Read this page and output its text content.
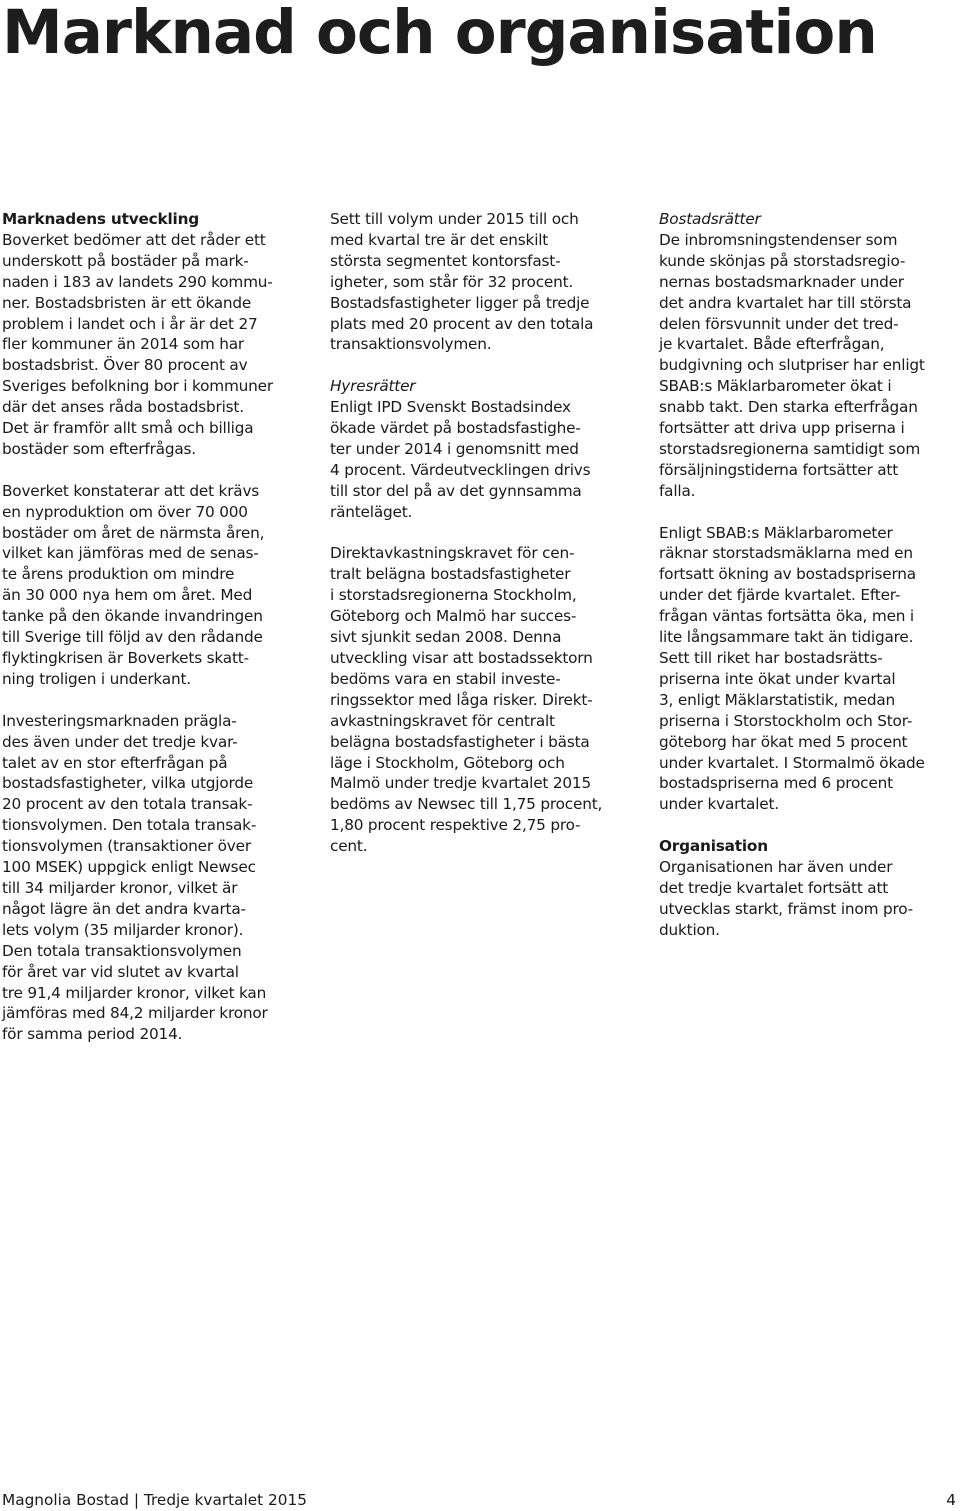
Marknad och organisation
Marknadens utveckling
Boverket bedömer att det råder ett
underskott på bostäder på mark-
naden i 183 av landets 290 kommu-
ner. Bostadsbristen är ett ökande
problem i landet och i år är det 27
fler kommuner än 2014 som har
bostadsbrist. Över 80 procent av
Sveriges befolkning bor i kommuner
där det anses råda bostadsbrist.
Det är framför allt små och billiga
bostäder som efterfrågas.
Boverket konstaterar att det krävs
en nyproduktion om över 70 000
bostäder om året de närmsta åren,
vilket kan jämföras med de senas-
te årens produktion om mindre
än 30 000 nya hem om året. Med
tanke på den ökande invandringen
till Sverige till följd av den rådande
flyktingkrisen är Boverkets skatt-
ning troligen i underkant.
Investeringsmarknaden prägla-
des även under det tredje kvar-
talet av en stor efterfrågan på
bostadsfastigheter, vilka utgjorde
20 procent av den totala transak-
tionsvolymen. Den totala transak-
tionsvolymen (transaktioner över
100 MSEK) uppgick enligt Newsec
till 34 miljarder kronor, vilket är
något lägre än det andra kvarta-
lets volym (35 miljarder kronor).
Den totala transaktionsvolymen
för året var vid slutet av kvartal
tre 91,4 miljarder kronor, vilket kan
jämföras med 84,2 miljarder kronor
för samma period 2014.
Sett till volym under 2015 till och
med kvartal tre är det enskilt
största segmentet kontorsfast-
igheter, som står för 32 procent.
Bostadsfastigheter ligger på tredje
plats med 20 procent av den totala
transaktionsvolymen.
Hyresrätter
Enligt IPD Svenskt Bostadsindex
ökade värdet på bostadsfastighe-
ter under 2014 i genomsnitt med
4 procent. Värdeutvecklingen drivs
till stor del på av det gynnsamma
ränteläget.
Direktavkastningskravet för cen-
tralt belägna bostadsfastigheter
i storstadsregionerna Stockholm,
Göteborg och Malmö har succes-
sivt sjunkit sedan 2008. Denna
utveckling visar att bostadssektorn
bedöms vara en stabil investe-
ringssektor med låga risker. Direkt-
avkastningskravet för centralt
belägna bostadsfastigheter i bästa
läge i Stockholm, Göteborg och
Malmö under tredje kvartalet 2015
bedöms av Newsec till 1,75 procent,
1,80 procent respektive 2,75 pro-
cent.
Bostadsrätter
De inbromsningstendenser som
kunde skönjas på storstadsregio-
nernas bostadsmarknader under
det andra kvartalet har till största
delen försvunnit under det tred-
je kvartalet. Både efterfrågan,
budgivning och slutpriser har enligt
SBAB:s Mäklarbarometer ökat i
snabb takt. Den starka efterfrågan
fortsätter att driva upp priserna i
storstadsregionerna samtidigt som
försäljningstiderna fortsätter att
falla.
Enligt SBAB:s Mäklarbarometer
räknar storstadsmäklarna med en
fortsatt ökning av bostadspriserna
under det fjärde kvartalet. Efter-
frågan väntas fortsätta öka, men i
lite långsammare takt än tidigare.
Sett till riket har bostadsrätts-
priserna inte ökat under kvartal
3, enligt Mäklarstatistik, medan
priserna i Storstockholm och Stor-
göteborg har ökat med 5 procent
under kvartalet. I Stormalmö ökade
bostadspriserna med 6 procent
under kvartalet.
Organisation
Organisationen har även under
det tredje kvartalet fortsätt att
utvecklas starkt, främst inom pro-
duktion.
Magnolia Bostad | Tredje kvartalet 2015	4
